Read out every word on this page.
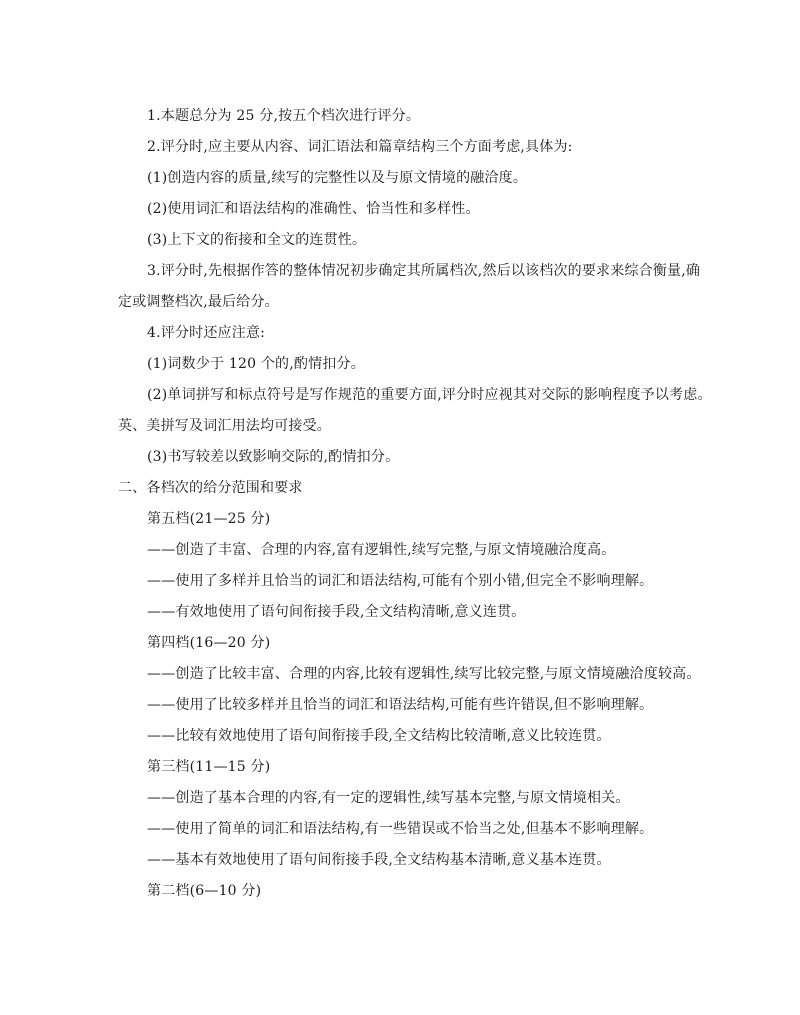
1.本题总分为 25 分,按五个档次进行评分。
2.评分时,应主要从内容、词汇语法和篇章结构三个方面考虑,具体为:
(1)创造内容的质量,续写的完整性以及与原文情境的融洽度。
(2)使用词汇和语法结构的准确性、恰当性和多样性。
(3)上下文的衔接和全文的连贯性。
3.评分时,先根据作答的整体情况初步确定其所属档次,然后以该档次的要求来综合衡量,确
定或调整档次,最后给分。
4.评分时还应注意:
(1)词数少于 120 个的,酌情扣分。
(2)单词拼写和标点符号是写作规范的重要方面,评分时应视其对交际的影响程度予以考虑。
英、美拼写及词汇用法均可接受。
(3)书写较差以致影响交际的,酌情扣分。
二、各档次的给分范围和要求
第五档(21—25 分)
——创造了丰富、合理的内容,富有逻辑性,续写完整,与原文情境融洽度高。
——使用了多样并且恰当的词汇和语法结构,可能有个别小错,但完全不影响理解。
——有效地使用了语句间衔接手段,全文结构清晰,意义连贯。
第四档(16—20 分)
——创造了比较丰富、合理的内容,比较有逻辑性,续写比较完整,与原文情境融洽度较高。
——使用了比较多样并且恰当的词汇和语法结构,可能有些许错误,但不影响理解。
——比较有效地使用了语句间衔接手段,全文结构比较清晰,意义比较连贯。
第三档(11—15 分)
——创造了基本合理的内容,有一定的逻辑性,续写基本完整,与原文情境相关。
——使用了简单的词汇和语法结构,有一些错误或不恰当之处,但基本不影响理解。
——基本有效地使用了语句间衔接手段,全文结构基本清晰,意义基本连贯。
第二档(6—10 分)
